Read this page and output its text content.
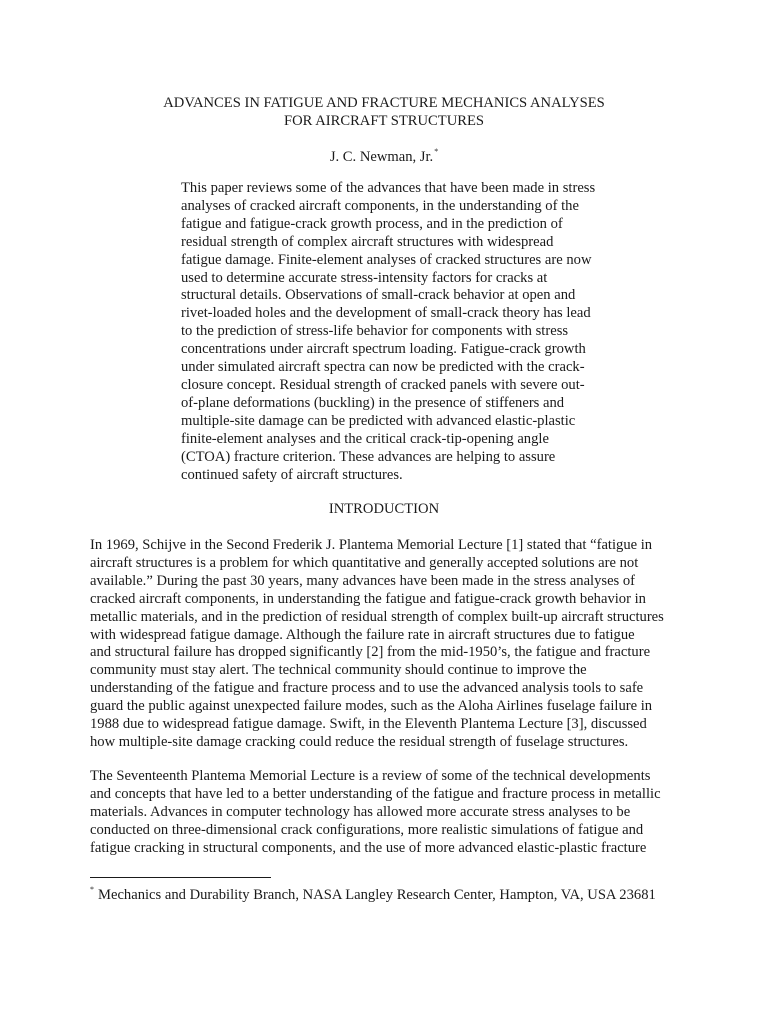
ADVANCES IN FATIGUE AND FRACTURE MECHANICS ANALYSES
FOR AIRCRAFT STRUCTURES

J. C. Newman, Jr.*

This paper reviews some of the advances that have been made in stress
analyses of cracked aircraft components, in the understanding of the
fatigue and fatigue-crack growth process, and in the prediction of
residual strength of complex aircraft structures with widespread
fatigue damage. Finite-element analyses of cracked structures are now
used to determine accurate stress-intensity factors for cracks at
structural details. Observations of small-crack behavior at open and
rivet-loaded holes and the development of small-crack theory has lead
to the prediction of stress-life behavior for components with stress
concentrations under aircraft spectrum loading. Fatigue-crack growth
under simulated aircraft spectra can now be predicted with the crack-
closure concept. Residual strength of cracked panels with severe out-
of-plane deformations (buckling) in the presence of stiffeners and
multiple-site damage can be predicted with advanced elastic-plastic
finite-element analyses and the critical crack-tip-opening angle
(CTOA) fracture criterion. These advances are helping to assure
continued safety of aircraft structures.
INTRODUCTION
In 1969, Schijve in the Second Frederik J. Plantema Memorial Lecture [1] stated that “fatigue in
aircraft structures is a problem for which quantitative and generally accepted solutions are not
available.” During the past 30 years, many advances have been made in the stress analyses of
cracked aircraft components, in understanding the fatigue and fatigue-crack growth behavior in
metallic materials, and in the prediction of residual strength of complex built-up aircraft structures
with widespread fatigue damage. Although the failure rate in aircraft structures due to fatigue
and structural failure has dropped significantly [2] from the mid-1950’s, the fatigue and fracture
community must stay alert. The technical community should continue to improve the
understanding of the fatigue and fracture process and to use the advanced analysis tools to safe
guard the public against unexpected failure modes, such as the Aloha Airlines fuselage failure in
1988 due to widespread fatigue damage. Swift, in the Eleventh Plantema Lecture [3], discussed
how multiple-site damage cracking could reduce the residual strength of fuselage structures.
The Seventeenth Plantema Memorial Lecture is a review of some of the technical developments
and concepts that have led to a better understanding of the fatigue and fracture process in metallic
materials. Advances in computer technology has allowed more accurate stress analyses to be
conducted on three-dimensional crack configurations, more realistic simulations of fatigue and
fatigue cracking in structural components, and the use of more advanced elastic-plastic fracture
* Mechanics and Durability Branch, NASA Langley Research Center, Hampton, VA, USA 23681
